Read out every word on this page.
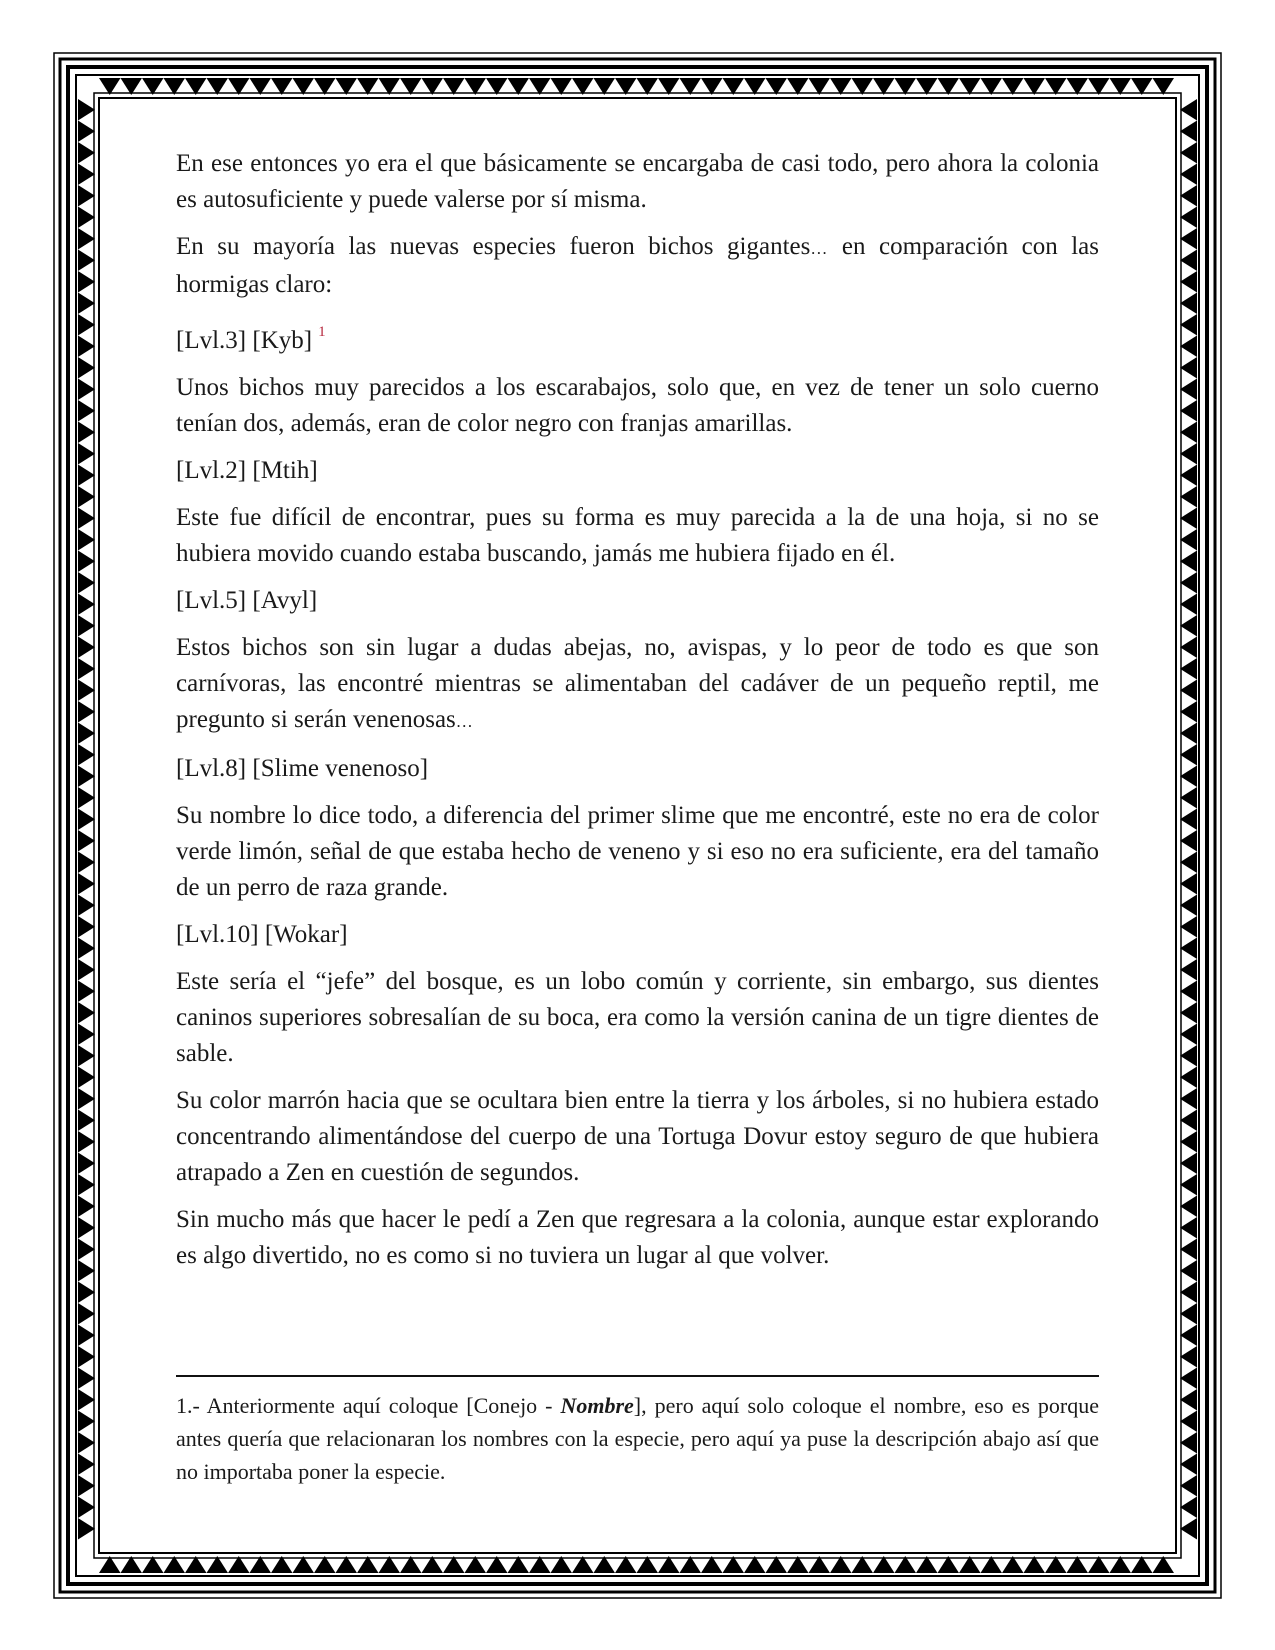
En ese entonces yo era el que básicamente se encargaba de casi todo, pero ahora la colonia es autosuficiente y puede valerse por sí misma.

En su mayoría las nuevas especies fueron bichos gigantes… en comparación con las hormigas claro:

[Lvl.3] [Kyb] $^1$

Unos bichos muy parecidos a los escarabajos, solo que, en vez de tener un solo cuerno tenían dos, además, eran de color negro con franjas amarillas.

[Lvl.2] [Mtih]

Este fue difícil de encontrar, pues su forma es muy parecida a la de una hoja, si no se hubiera movido cuando estaba buscando, jamás me hubiera fijado en él.

[Lvl.5] [Avyl]

Estos bichos son sin lugar a dudas abejas, no, avispas, y lo peor de todo es que son carnívoras, las encontré mientras se alimentaban del cadáver de un pequeño reptil, me pregunto si serán venenosas…

[Lvl.8] [Slime venenoso]

Su nombre lo dice todo, a diferencia del primer slime que me encontré, este no era de color verde limón, señal de que estaba hecho de veneno y si eso no era suficiente, era del tamaño de un perro de raza grande.

[Lvl.10] [Wokar]

Este sería el “jefe” del bosque, es un lobo común y corriente, sin embargo, sus dientes caninos superiores sobresalían de su boca, era como la versión canina de un tigre dientes de sable.

Su color marrón hacia que se ocultara bien entre la tierra y los árboles, si no hubiera estado concentrando alimentándose del cuerpo de una Tortuga Dovur estoy seguro de que hubiera atrapado a Zen en cuestión de segundos.

Sin mucho más que hacer le pedí a Zen que regresara a la colonia, aunque estar explorando es algo divertido, no es como si no tuviera un lugar al que volver.

1.- Anteriormente aquí coloque [Conejo - Nombre], pero aquí solo coloque el nombre, eso es porque antes quería que relacionaran los nombres con la especie, pero aquí ya puse la descripción abajo así que no importaba poner la especie.
